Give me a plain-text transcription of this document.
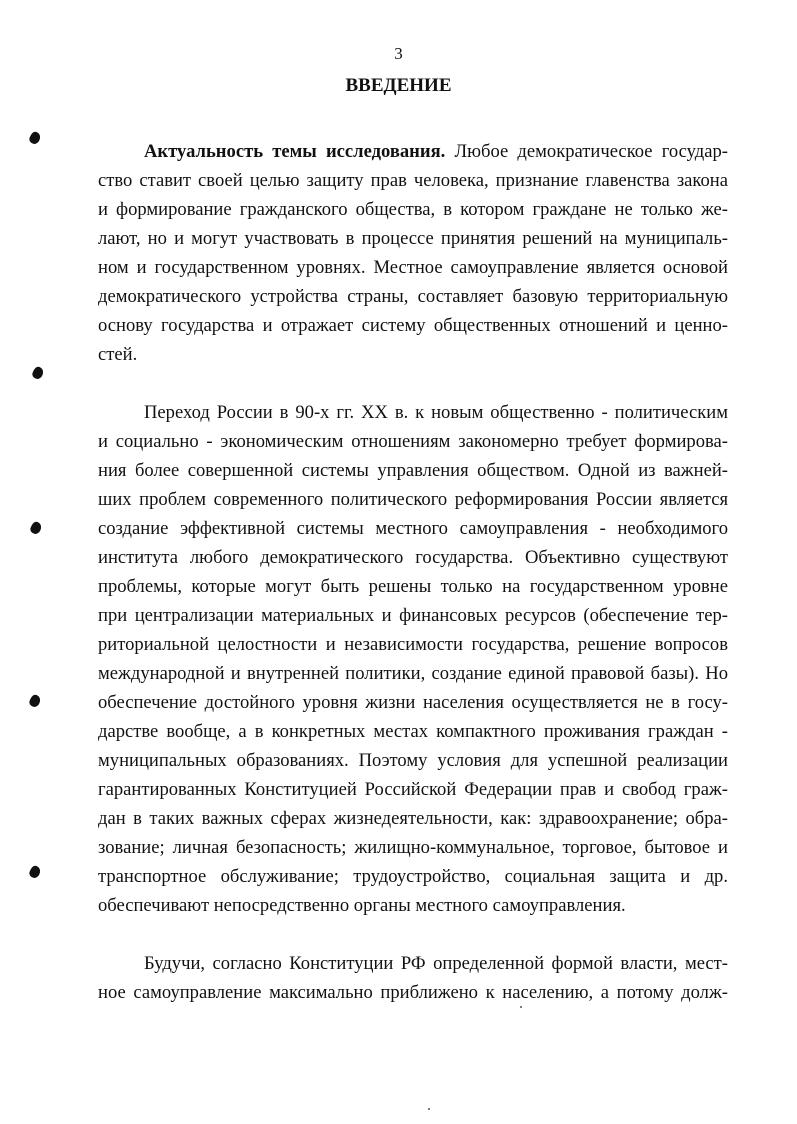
3
ВВЕДЕНИЕ
Актуальность темы исследования. Любое демократическое государ-
ство ставит своей целью защиту прав человека, признание главенства закона
и формирование гражданского общества, в котором граждане не только же-
лают, но и могут участвовать в процессе принятия решений на муниципаль-
ном и государственном уровнях. Местное самоуправление является основой
демократического устройства страны, составляет базовую территориальную
основу государства и отражает систему общественных отношений и ценно-
стей.
Переход России в 90-х гг. XX в. к новым общественно - политическим
и социально - экономическим отношениям закономерно требует формирова-
ния более совершенной системы управления обществом. Одной из важней-
ших проблем современного политического реформирования России является
создание эффективной системы местного самоуправления - необходимого
института любого демократического государства. Объективно существуют
проблемы, которые могут быть решены только на государственном уровне
при централизации материальных и финансовых ресурсов (обеспечение тер-
риториальной целостности и независимости государства, решение вопросов
международной и внутренней политики, создание единой правовой базы). Но
обеспечение достойного уровня жизни населения осуществляется не в госу-
дарстве вообще, а в конкретных местах компактного проживания граждан -
муниципальных образованиях. Поэтому условия для успешной реализации
гарантированных Конституцией Российской Федерации прав и свобод граж-
дан в таких важных сферах жизнедеятельности, как: здравоохранение; обра-
зование; личная безопасность; жилищно-коммунальное, торговое, бытовое и
транспортное обслуживание; трудоустройство, социальная защита и др.
обеспечивают непосредственно органы местного самоуправления.
Будучи, согласно Конституции РФ определенной формой власти, мест-
ное самоуправление максимально приближено к населению, а потому долж-
